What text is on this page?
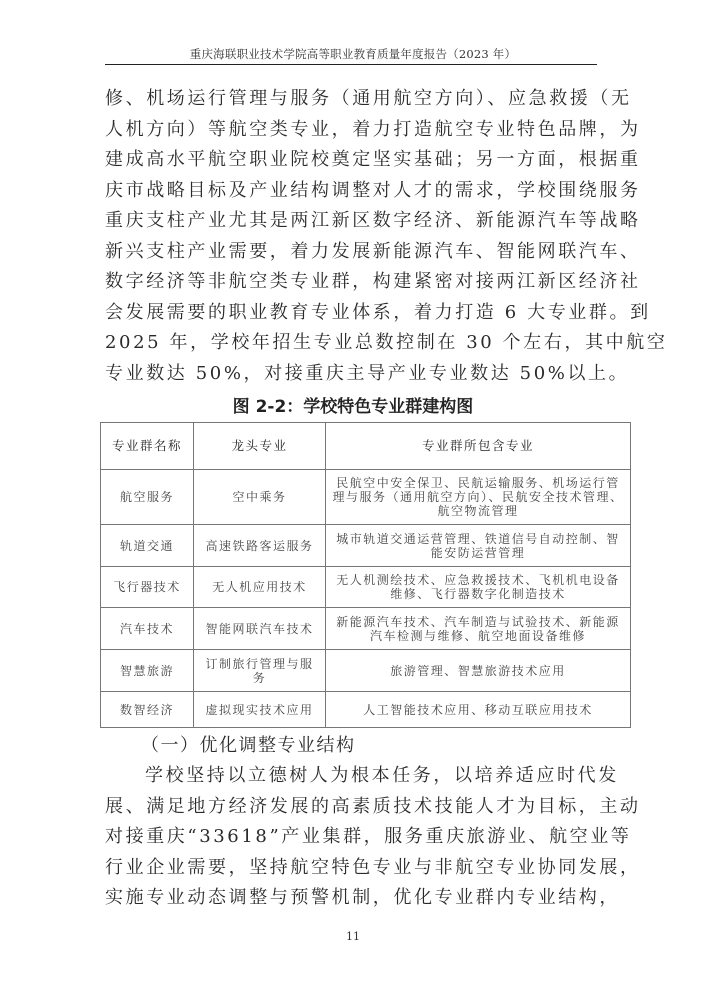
重庆海联职业技术学院高等职业教育质量年度报告（2023 年）
修、机场运行管理与服务（通用航空方向）、应急救援（无
人机方向）等航空类专业，着力打造航空专业特色品牌，为
建成高水平航空职业院校奠定坚实基础；另一方面，根据重
庆市战略目标及产业结构调整对人才的需求，学校围绕服务
重庆支柱产业尤其是两江新区数字经济、新能源汽车等战略
新兴支柱产业需要，着力发展新能源汽车、智能网联汽车、
数字经济等非航空类专业群，构建紧密对接两江新区经济社
会发展需要的职业教育专业体系，着力打造 6 大专业群。到
2025 年，学校年招生专业总数控制在 30 个左右，其中航空
专业数达 50%，对接重庆主导产业专业数达 50%以上。
图 2-2：学校特色专业群建构图
专业群名称	龙头专业	专业群所包含专业
航空服务	空中乘务	民航空中安全保卫、民航运输服务、机场运行管理与服务（通用航空方向）、民航安全技术管理、航空物流管理
轨道交通	高速铁路客运服务	城市轨道交通运营管理、铁道信号自动控制、智能安防运营管理
飞行器技术	无人机应用技术	无人机测绘技术、应急救援技术、飞机机电设备维修、飞行器数字化制造技术
汽车技术	智能网联汽车技术	新能源汽车技术、汽车制造与试验技术、新能源汽车检测与维修、航空地面设备维修
智慧旅游	订制旅行管理与服务	旅游管理、智慧旅游技术应用
数智经济	虚拟现实技术应用	人工智能技术应用、移动互联应用技术
（一）优化调整专业结构
学校坚持以立德树人为根本任务，以培养适应时代发
展、满足地方经济发展的高素质技术技能人才为目标，主动
对接重庆“33618”产业集群，服务重庆旅游业、航空业等
行业企业需要，坚持航空特色专业与非航空专业协同发展，
实施专业动态调整与预警机制，优化专业群内专业结构，
11
